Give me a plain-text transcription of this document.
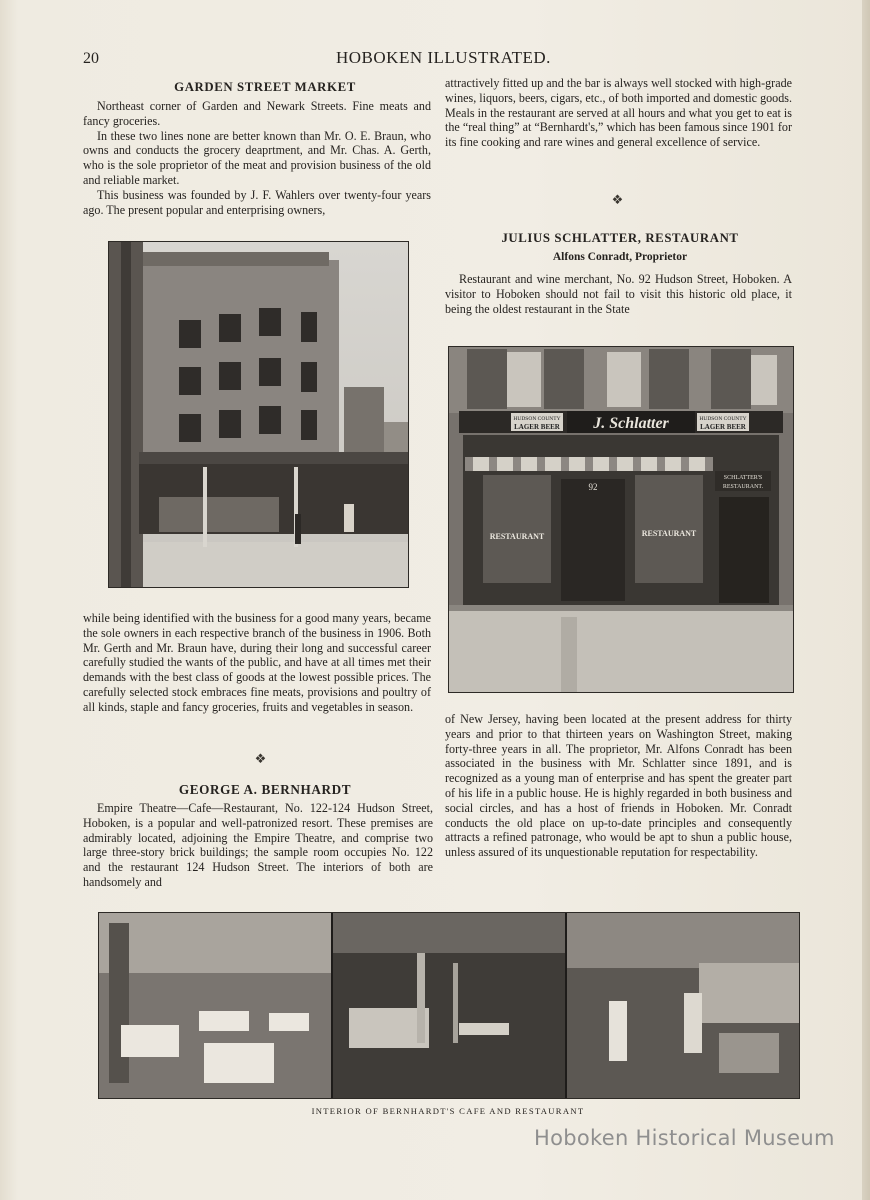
20	HOBOKEN ILLUSTRATED.
GARDEN STREET MARKET

Northeast corner of Garden and Newark Streets. Fine meats and fancy groceries.

In these two lines none are better known than Mr. O. E. Braun, who owns and conducts the grocery deaprtment, and Mr. Chas. A. Gerth, who is the sole proprietor of the meat and provision business of the old and reliable market.

This business was founded by J. F. Wahlers over twenty-four years ago. The present popular and enterprising owners,

while being identified with the business for a good many years, became the sole owners in each respective branch of the business in 1906. Both Mr. Gerth and Mr. Braun have, during their long and successful career carefully studied the wants of the public, and have at all times met their demands with the best class of goods at the lowest possible prices. The carefully selected stock embraces fine meats, provisions and poultry of all kinds, staple and fancy groceries, fruits and vegetables in season.

❖
GEORGE A. BERNHARDT

Empire Theatre—Cafe—Restaurant, No. 122-124 Hudson Street, Hoboken, is a popular and well-patronized resort. These premises are admirably located, adjoining the Empire Theatre, and comprise two large three-story brick buildings; the sample room occupies No. 122 and the restaurant 124 Hudson Street. The interiors of both are handsomely and

attractively fitted up and the bar is always well stocked with high-grade wines, liquors, beers, cigars, etc., of both imported and domestic goods. Meals in the restaurant are served at all hours and what you get to eat is the “real thing” at “Bernhardt's,” which has been famous since 1901 for its fine cooking and rare wines and general excellence of service.

❖
JULIUS SCHLATTER, RESTAURANT
Alfons Conradt, Proprietor

Restaurant and wine merchant, No. 92 Hudson Street, Hoboken. A visitor to Hoboken should not fail to visit this historic old place, it being the oldest restaurant in the State

J. Schlatter
HUDSON COUNTY
LAGER BEER
HUDSON COUNTY
LAGER BEER
92
RESTAURANT	RESTAURANT
SCHLATTER'S
RESTAURANT.

of New Jersey, having been located at the present address for thirty years and prior to that thirteen years on Washington Street, making forty-three years in all. The proprietor, Mr. Alfons Conradt has been associated in the business with Mr. Schlatter since 1891, and is recognized as a young man of enterprise and has spent the greater part of his life in a public house. He is highly regarded in both business and social circles, and has a host of friends in Hoboken. Mr. Conradt conducts the old place on up-to-date principles and consequently attracts a refined patronage, who would be apt to shun a public house, unless assured of its unquestionable reputation for respectability.

INTERIOR OF BERNHARDT'S CAFE AND RESTAURANT
Hoboken Historical Museum
